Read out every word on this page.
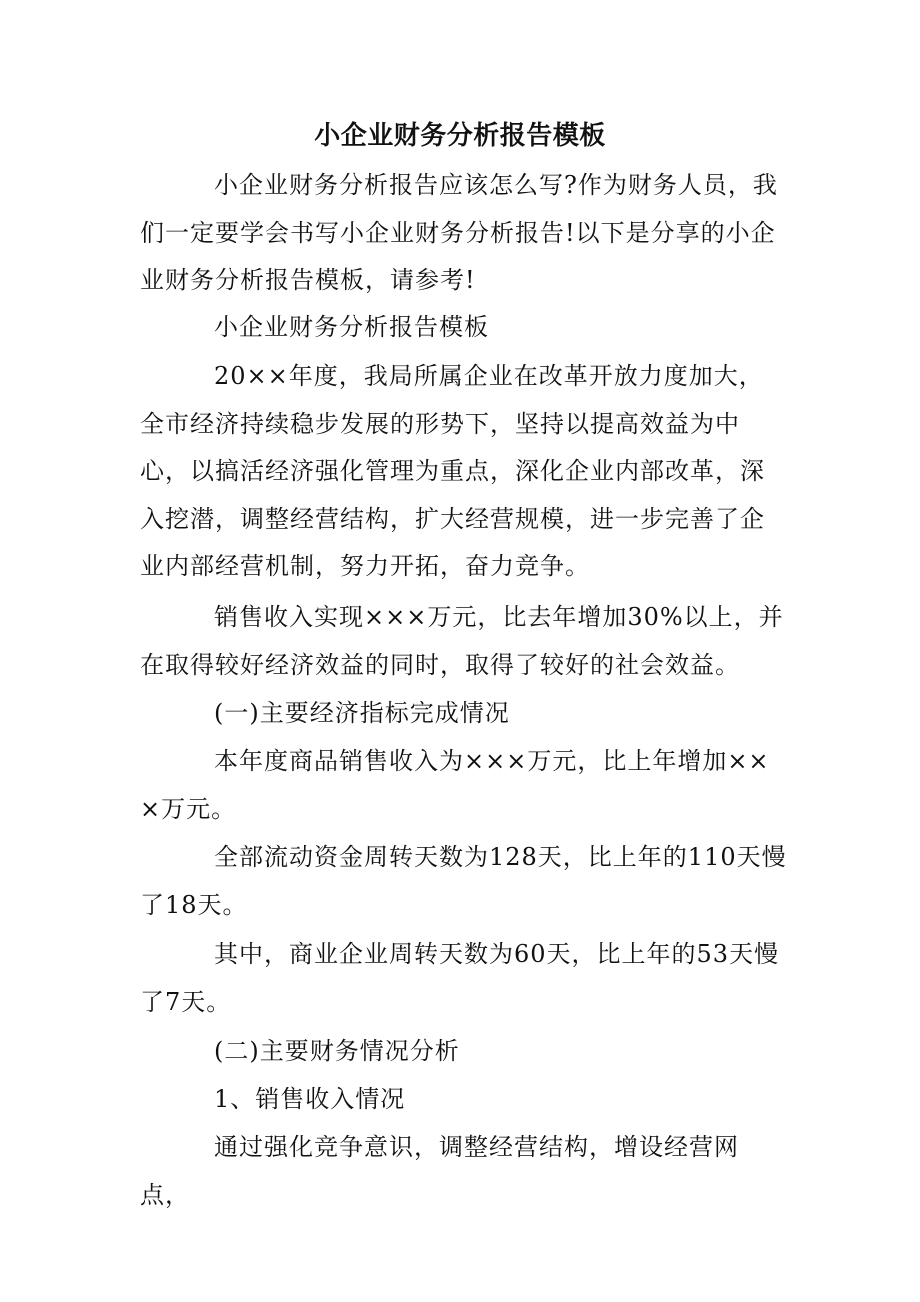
小企业财务分析报告模板

小企业财务分析报告应该怎么写?作为财务人员，我们一定要学会书写小企业财务分析报告!以下是分享的小企业财务分析报告模板，请参考!

小企业财务分析报告模板

20××年度，我局所属企业在改革开放力度加大，全市经济持续稳步发展的形势下，坚持以提高效益为中心，以搞活经济强化管理为重点，深化企业内部改革，深入挖潜，调整经营结构，扩大经营规模，进一步完善了企业内部经营机制，努力开拓，奋力竞争。

销售收入实现×××万元，比去年增加30%以上，并在取得较好经济效益的同时，取得了较好的社会效益。

(一)主要经济指标完成情况

本年度商品销售收入为×××万元，比上年增加×××万元。

全部流动资金周转天数为128天，比上年的110天慢了18天。

其中，商业企业周转天数为60天，比上年的53天慢了7天。

(二)主要财务情况分析

1、销售收入情况

通过强化竞争意识，调整经营结构，增设经营网点，
